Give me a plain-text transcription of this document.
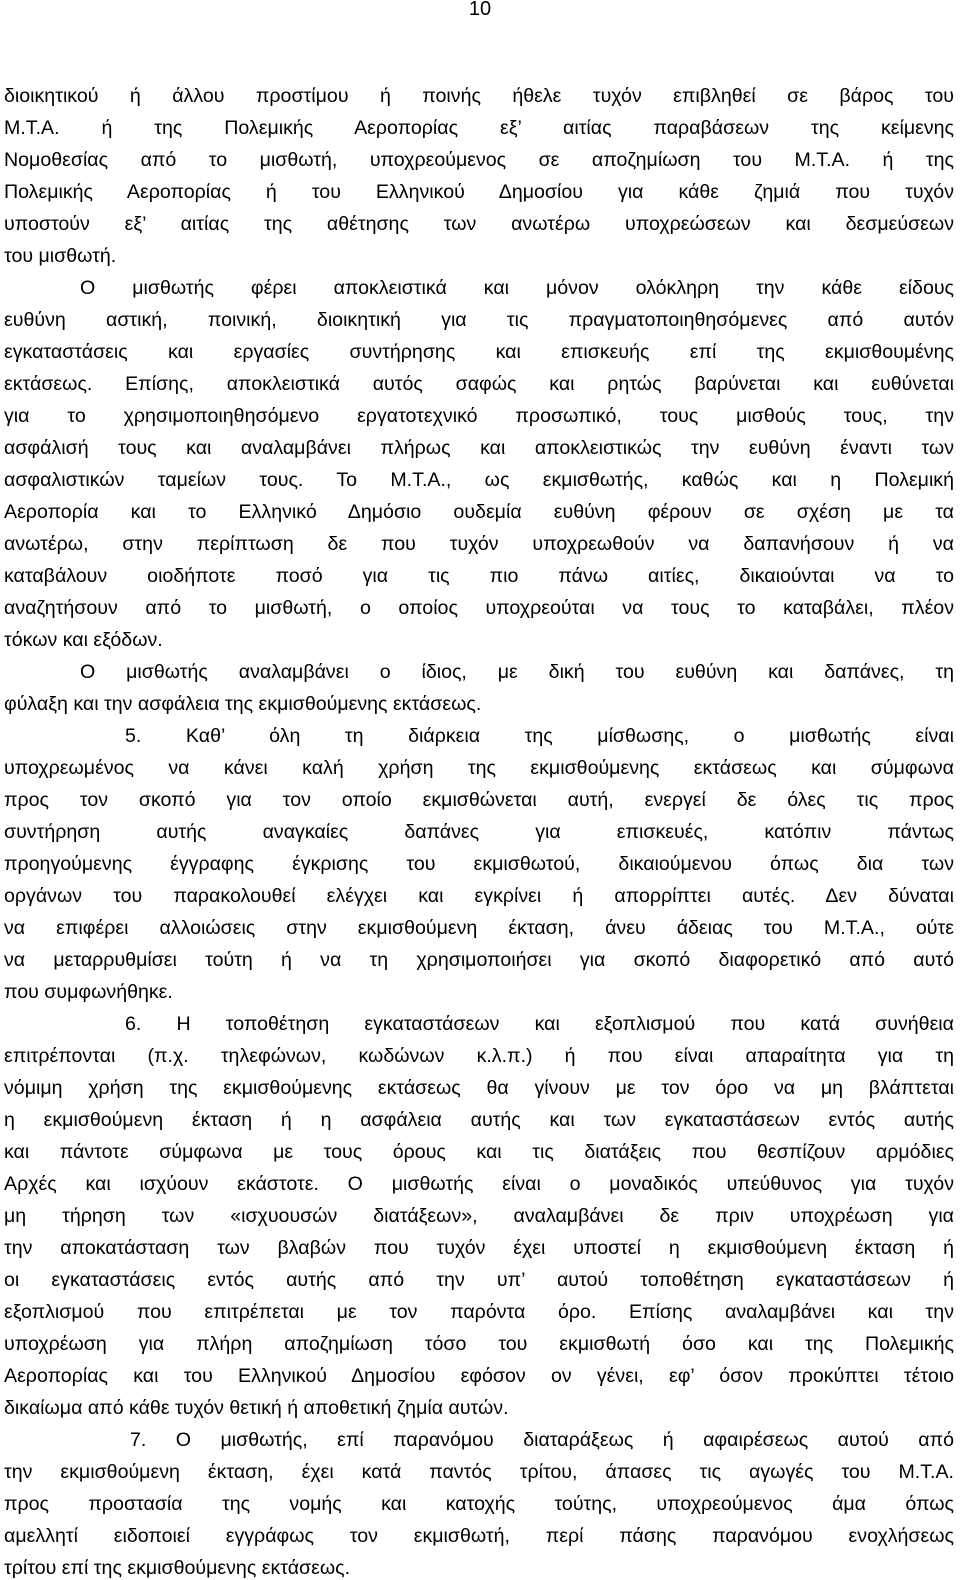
10

διοικητικού ή άλλου προστίμου ή ποινής ήθελε τυχόν επιβληθεί σε βάρος του

Μ.Τ.Α. ή της Πολεμικής Αεροπορίας εξ’ αιτίας παραβάσεων της κείμενης

Νομοθεσίας από το μισθωτή, υποχρεούμενος σε αποζημίωση του Μ.Τ.Α. ή της

Πολεμικής Αεροπορίας ή του Ελληνικού Δημοσίου για κάθε ζημιά που τυχόν

υποστούν εξ’ αιτίας της αθέτησης των ανωτέρω υποχρεώσεων και δεσμεύσεων

του μισθωτή.

Ο μισθωτής φέρει αποκλειστικά και μόνον ολόκληρη την κάθε είδους

ευθύνη αστική, ποινική, διοικητική για τις πραγματοποιηθησόμενες από αυτόν

εγκαταστάσεις και εργασίες συντήρησης και επισκευής επί της εκμισθουμένης

εκτάσεως. Επίσης, αποκλειστικά αυτός σαφώς και ρητώς βαρύνεται και ευθύνεται

για το χρησιμοποιηθησόμενο εργατοτεχνικό προσωπικό, τους μισθούς τους, την

ασφάλισή τους και αναλαμβάνει πλήρως και αποκλειστικώς την ευθύνη έναντι των

ασφαλιστικών ταμείων τους. Το Μ.Τ.Α., ως εκμισθωτής, καθώς και η Πολεμική

Αεροπορία και το Ελληνικό Δημόσιο ουδεμία ευθύνη φέρουν σε σχέση με τα

ανωτέρω, στην περίπτωση δε που τυχόν υποχρεωθούν να δαπανήσουν ή να

καταβάλουν οιοδήποτε ποσό για τις πιο πάνω αιτίες, δικαιούνται να το

αναζητήσουν από το μισθωτή, ο οποίος υποχρεούται να τους το καταβάλει, πλέον

τόκων και εξόδων.

Ο μισθωτής αναλαμβάνει ο ίδιος, με δική του ευθύνη και δαπάνες, τη

φύλαξη και την ασφάλεια της εκμισθούμενης εκτάσεως.

5. Καθ’ όλη τη διάρκεια της μίσθωσης, ο μισθωτής είναι

υποχρεωμένος να κάνει καλή χρήση της εκμισθούμενης εκτάσεως και σύμφωνα

προς τον σκοπό για τον οποίο εκμισθώνεται αυτή, ενεργεί δε όλες τις προς

συντήρηση αυτής αναγκαίες δαπάνες για επισκευές, κατόπιν πάντως

προηγούμενης έγγραφης έγκρισης του εκμισθωτού, δικαιούμενου όπως δια των

οργάνων του παρακολουθεί ελέγχει και εγκρίνει ή απορρίπτει αυτές. Δεν δύναται

να επιφέρει αλλοιώσεις στην εκμισθούμενη έκταση, άνευ άδειας του Μ.Τ.Α., ούτε

να μεταρρυθμίσει τούτη ή να τη χρησιμοποιήσει για σκοπό διαφορετικό από αυτό

που συμφωνήθηκε.

6. Η τοποθέτηση εγκαταστάσεων και εξοπλισμού που κατά συνήθεια

επιτρέπονται (π.χ. τηλεφώνων, κωδώνων κ.λ.π.) ή που είναι απαραίτητα για τη

νόμιμη χρήση της εκμισθούμενης εκτάσεως θα γίνουν με τον όρο να μη βλάπτεται

η εκμισθούμενη έκταση ή η ασφάλεια αυτής και των εγκαταστάσεων εντός αυτής

και πάντοτε σύμφωνα με τους όρους και τις διατάξεις που θεσπίζουν αρμόδιες

Αρχές και ισχύουν εκάστοτε. Ο μισθωτής είναι ο μοναδικός υπεύθυνος για τυχόν

μη τήρηση των «ισχυουσών διατάξεων», αναλαμβάνει δε πριν υποχρέωση για

την αποκατάσταση των βλαβών που τυχόν έχει υποστεί η εκμισθούμενη έκταση ή

οι εγκαταστάσεις εντός αυτής από την υπ’ αυτού τοποθέτηση εγκαταστάσεων ή

εξοπλισμού που επιτρέπεται με τον παρόντα όρο. Επίσης αναλαμβάνει και την

υποχρέωση για πλήρη αποζημίωση τόσο του εκμισθωτή όσο και της Πολεμικής

Αεροπορίας και του Ελληνικού Δημοσίου εφόσον ον γένει, εφ’ όσον προκύπτει τέτοιο

δικαίωμα από κάθε τυχόν θετική ή αποθετική ζημία αυτών.

7. Ο μισθωτής, επί παρανόμου διαταράξεως ή αφαιρέσεως αυτού από

την εκμισθούμενη έκταση, έχει κατά παντός τρίτου, άπασες τις αγωγές του Μ.Τ.Α.

προς προστασία της νομής και κατοχής τούτης, υποχρεούμενος άμα όπως

αμελλητί ειδοποιεί εγγράφως τον εκμισθωτή, περί πάσης παρανόμου ενοχλήσεως

τρίτου επί της εκμισθούμενης εκτάσεως.
